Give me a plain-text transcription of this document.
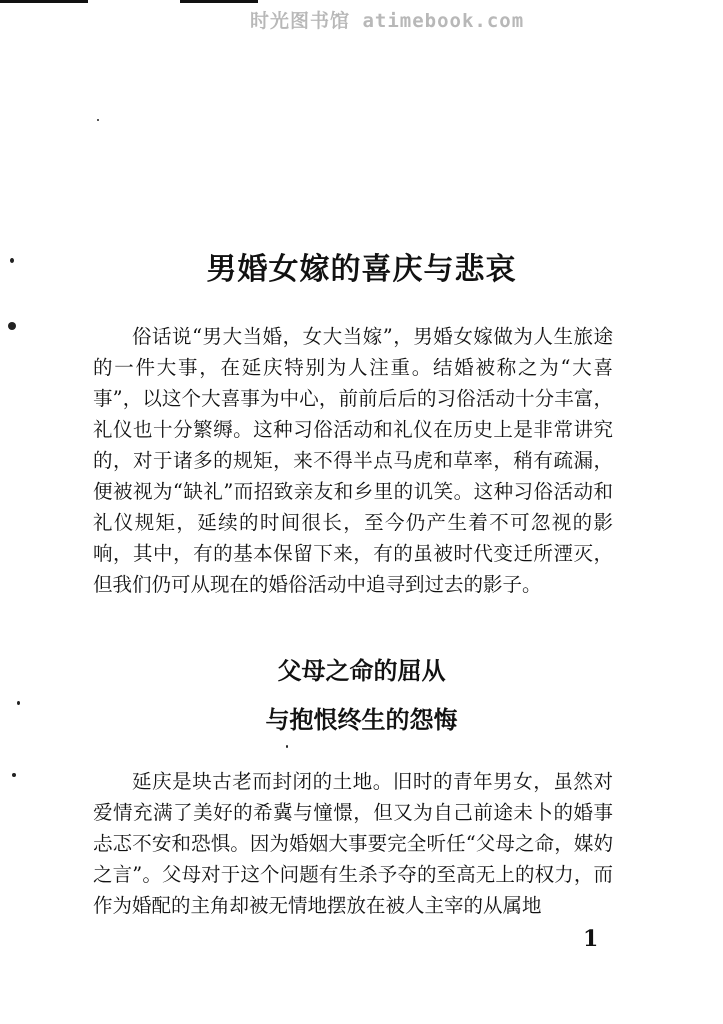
时光图书馆 atimebook.com
男婚女嫁的喜庆与悲哀

俗话说“男大当婚，女大当嫁”，男婚女嫁做为人生旅途的一件大事，在延庆特别为人注重。结婚被称之为“大喜事”，以这个大喜事为中心，前前后后的习俗活动十分丰富，礼仪也十分繁缛。这种习俗活动和礼仪在历史上是非常讲究的，对于诸多的规矩，来不得半点马虎和草率，稍有疏漏，便被视为“缺礼”而招致亲友和乡里的讥笑。这种习俗活动和礼仪规矩，延续的时间很长，至今仍产生着不可忽视的影响，其中，有的基本保留下来，有的虽被时代变迁所湮灭，但我们仍可从现在的婚俗活动中追寻到过去的影子。

父母之命的屈从
与抱恨终生的怨悔

延庆是块古老而封闭的土地。旧时的青年男女，虽然对爱情充满了美好的希冀与憧憬，但又为自己前途未卜的婚事忐忑不安和恐惧。因为婚姻大事要完全听任“父母之命，媒妁之言”。父母对于这个问题有生杀予夺的至高无上的权力，而作为婚配的主角却被无情地摆放在被人主宰的从属地

1
